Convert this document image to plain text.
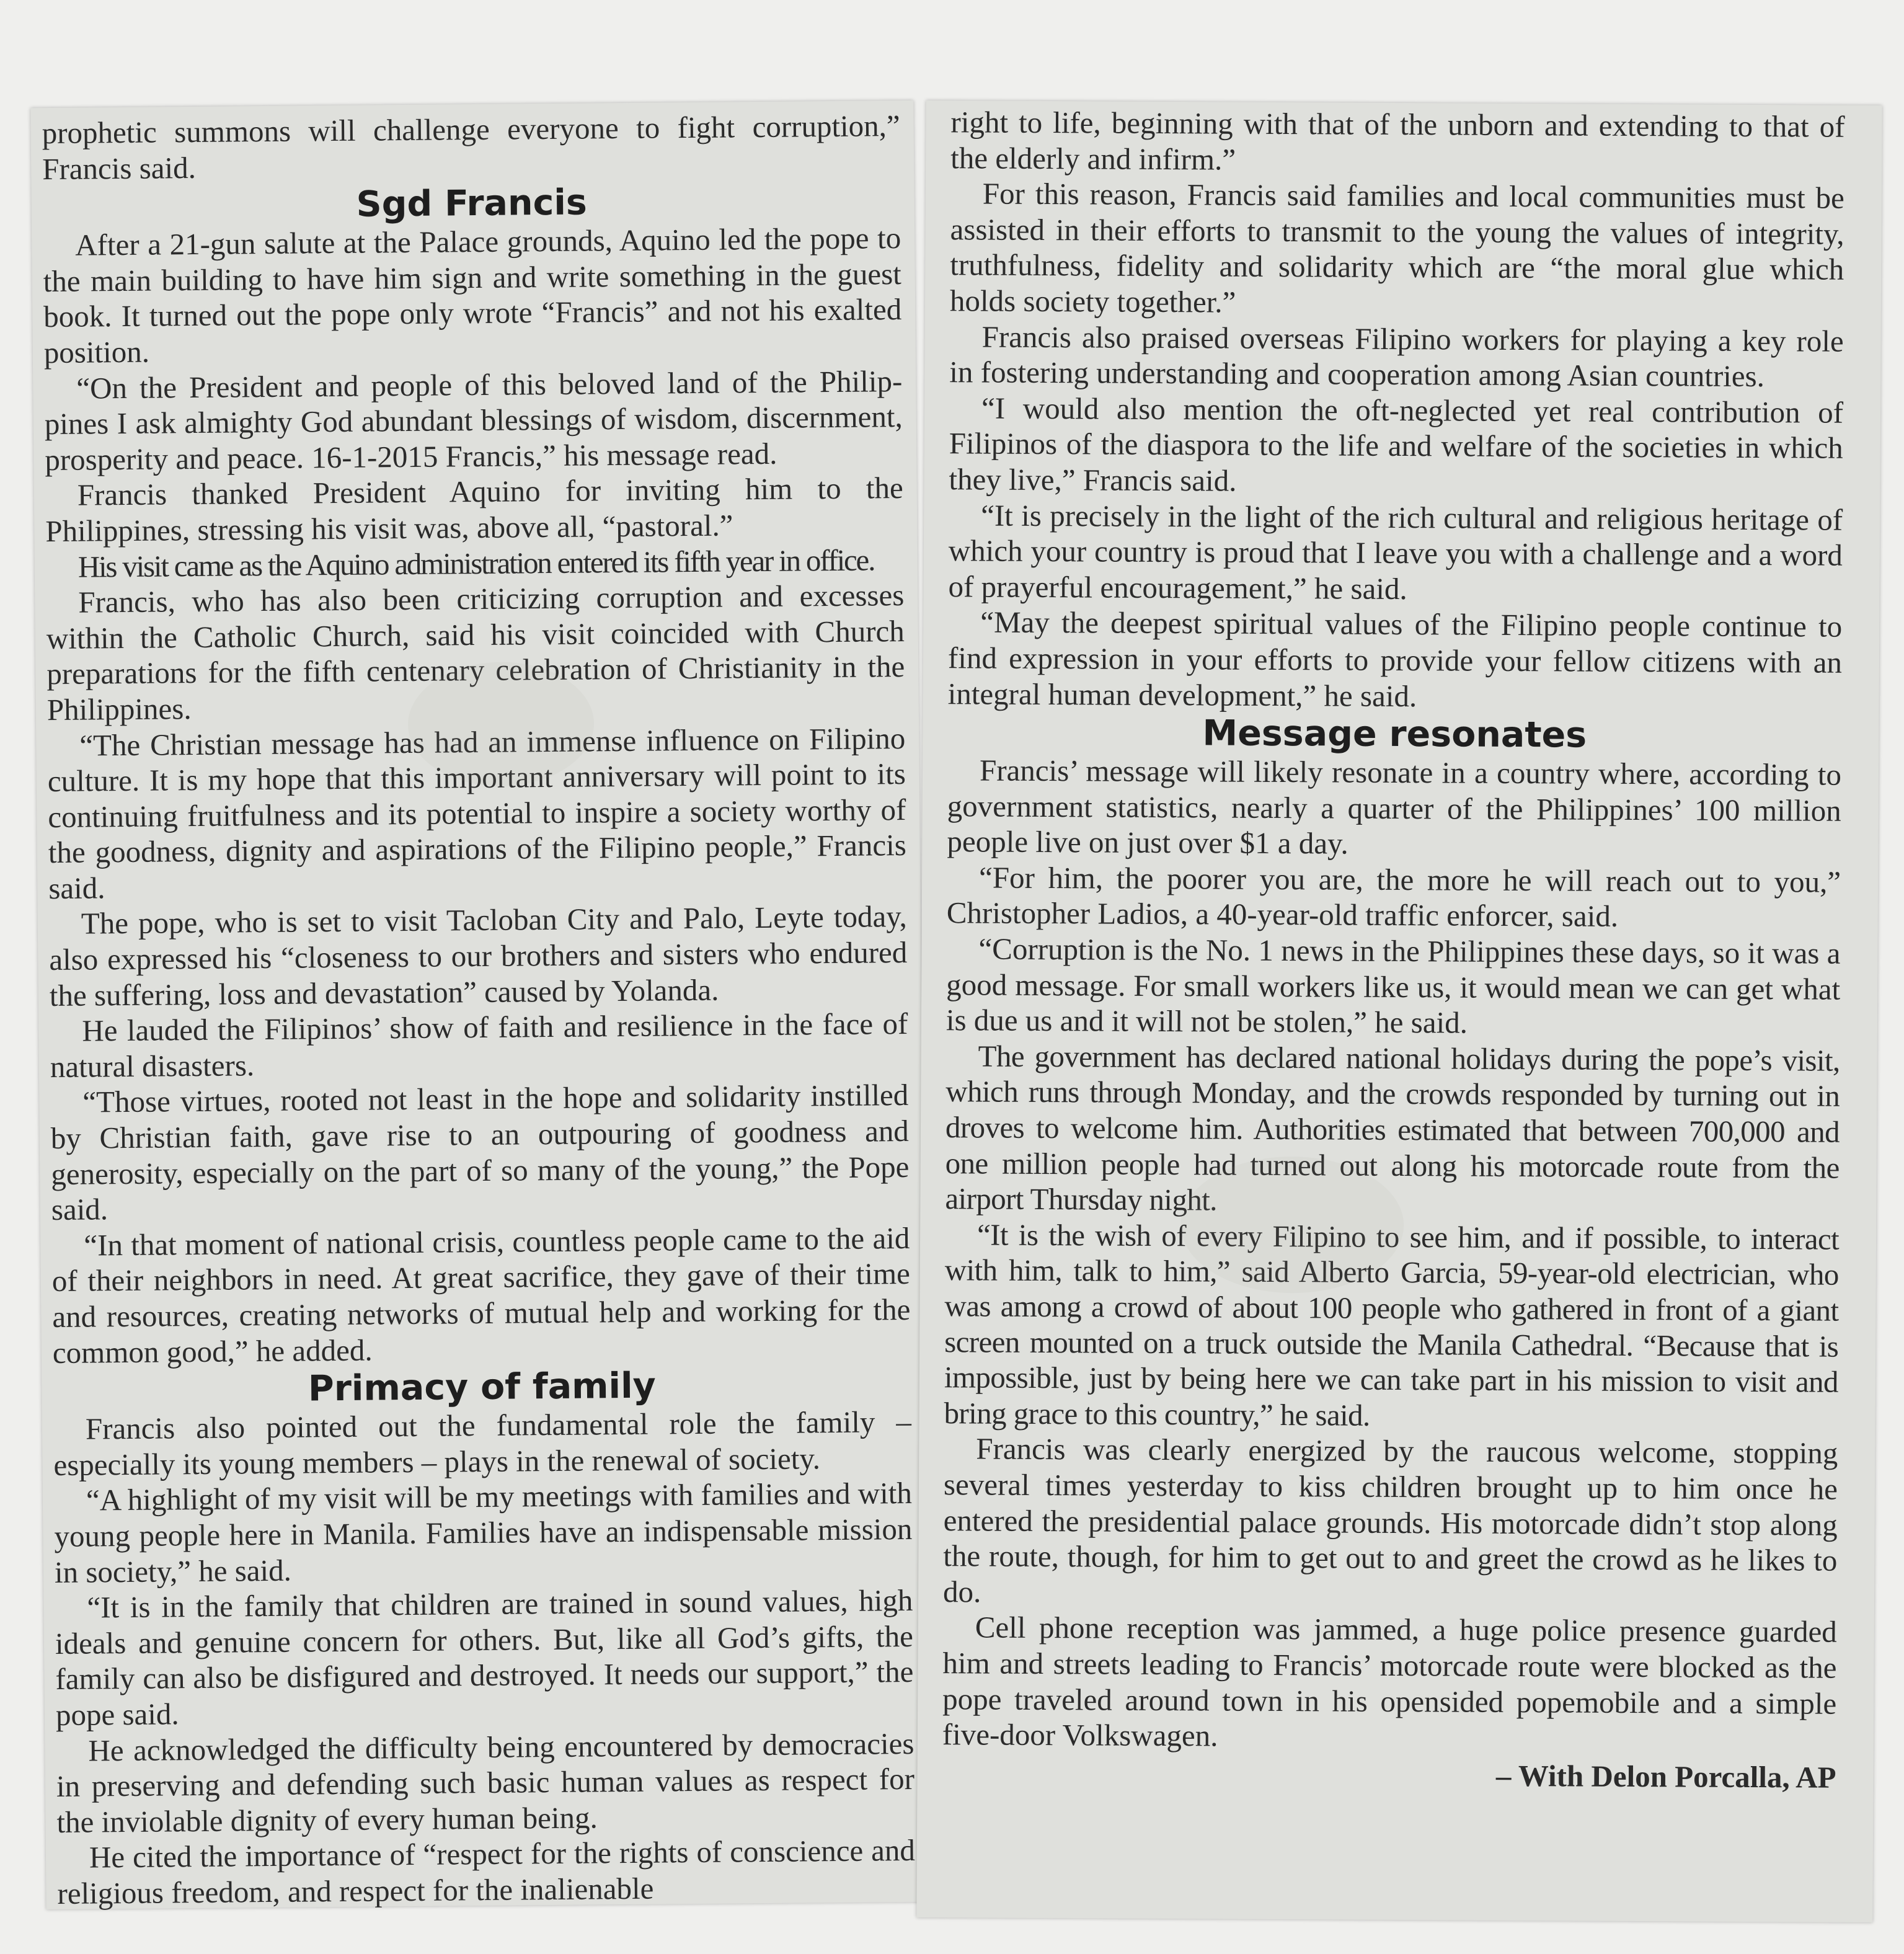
prophetic summons will challenge everyone to fight corruption,” Francis said.

Sgd Francis

After a 21-gun salute at the Palace grounds, Aquino led the pope to the main building to have him sign and write something in the guest book. It turned out the pope only wrote “Francis” and not his exalted position.

“On the President and people of this beloved land of the Philippines I ask almighty God abundant blessings of wisdom, discernment, prosperity and peace. 16-1-2015 Francis,” his message read.

Francis thanked President Aquino for inviting him to the Philippines, stressing his visit was, above all, “pastoral.”

His visit came as the Aquino administration entered its fifth year in office.

Francis, who has also been criticizing corruption and excesses within the Catholic Church, said his visit coincided with Church preparations for the fifth centenary celebration of Christianity in the Philippines.

“The Christian message has had an immense influence on Filipino culture. It is my hope that this important anniversary will point to its continuing fruitfulness and its potential to inspire a society worthy of the goodness, dignity and aspirations of the Filipino people,” Francis said.

The pope, who is set to visit Tacloban City and Palo, Leyte today, also expressed his “closeness to our brothers and sisters who endured the suffering, loss and devastation” caused by Yolanda.

He lauded the Filipinos’ show of faith and resilience in the face of natural disasters.

“Those virtues, rooted not least in the hope and solidarity instilled by Christian faith, gave rise to an outpouring of goodness and generosity, especially on the part of so many of the young,” the Pope said.

“In that moment of national crisis, countless people came to the aid of their neighbors in need. At great sacrifice, they gave of their time and resources, creating networks of mutual help and working for the common good,” he added.

Primacy of family

Francis also pointed out the fundamental role the family – especially its young members – plays in the renewal of society.

“A highlight of my visit will be my meetings with families and with young people here in Manila. Families have an indispensable mission in society,” he said.

“It is in the family that children are trained in sound values, high ideals and genuine concern for others. But, like all God’s gifts, the family can also be disfigured and destroyed. It needs our support,” the pope said.

He acknowledged the difficulty being encountered by democracies in preserving and defending such basic human values as respect for the inviolable dignity of every human being.

He cited the importance of “respect for the rights of conscience and religious freedom, and respect for the inalienable

right to life, beginning with that of the unborn and extending to that of the elderly and infirm.”

For this reason, Francis said families and local communities must be assisted in their efforts to transmit to the young the values of integrity, truthfulness, fidelity and solidarity which are “the moral glue which holds society together.”

Francis also praised overseas Filipino workers for playing a key role in fostering understanding and cooperation among Asian countries.

“I would also mention the oft-neglected yet real contribution of Filipinos of the diaspora to the life and welfare of the societies in which they live,” Francis said.

“It is precisely in the light of the rich cultural and religious heritage of which your country is proud that I leave you with a challenge and a word of prayerful encouragement,” he said.

“May the deepest spiritual values of the Filipino people continue to find expression in your efforts to provide your fellow citizens with an integral human development,” he said.

Message resonates

Francis’ message will likely resonate in a country where, according to government statistics, nearly a quarter of the Philippines’ 100 million people live on just over $1 a day.

“For him, the poorer you are, the more he will reach out to you,” Christopher Ladios, a 40-year-old traffic enforcer, said.

“Corruption is the No. 1 news in the Philippines these days, so it was a good message. For small workers like us, it would mean we can get what is due us and it will not be stolen,” he said.

The government has declared national holidays during the pope’s visit, which runs through Monday, and the crowds responded by turning out in droves to welcome him. Authorities estimated that between 700,000 and one million people had turned out along his motorcade route from the airport Thursday night.

“It is the wish of every Filipino to see him, and if possible, to interact with him, talk to him,” said Alberto Garcia, 59-year-old electrician, who was among a crowd of about 100 people who gathered in front of a giant screen mounted on a truck outside the Manila Cathedral. “Because that is impossible, just by being here we can take part in his mission to visit and bring grace to this country,” he said.

Francis was clearly energized by the raucous welcome, stopping several times yesterday to kiss children brought up to him once he entered the presidential palace grounds. His motorcade didn’t stop along the route, though, for him to get out to and greet the crowd as he likes to do.

Cell phone reception was jammed, a huge police presence guarded him and streets leading to Francis’ motorcade route were blocked as the pope traveled around town in his opensided popemobile and a simple five-door Volkswagen.

– With Delon Porcalla, AP
